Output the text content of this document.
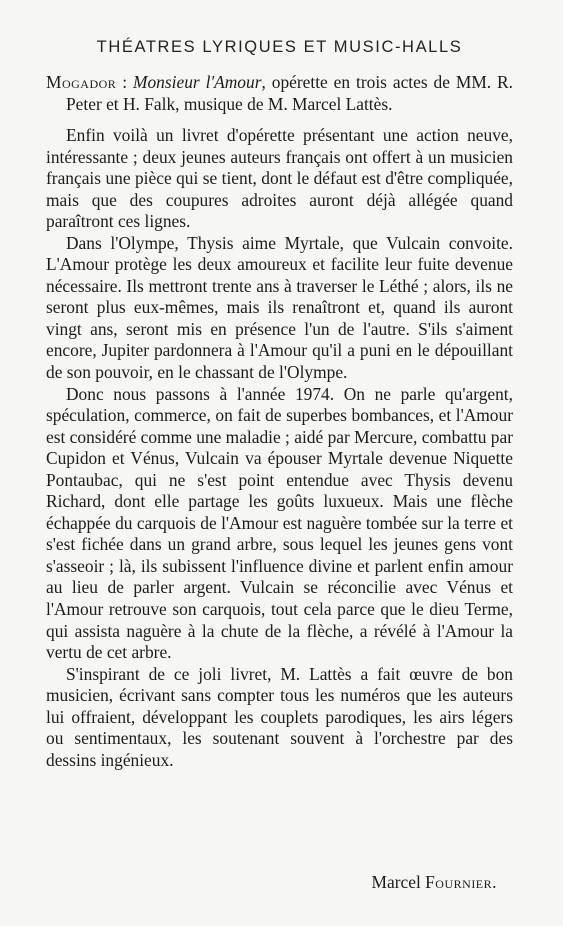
THÉATRES LYRIQUES ET MUSIC-HALLS

Mogador : Monsieur l'Amour, opérette en trois actes de MM. R. Peter et H. Falk, musique de M. Marcel Lattès.

Enfin voilà un livret d'opérette présentant une action neuve, intéressante ; deux jeunes auteurs français ont offert à un musicien français une pièce qui se tient, dont le défaut est d'être compliquée, mais que des coupures adroites auront déjà allégée quand paraîtront ces lignes.

Dans l'Olympe, Thysis aime Myrtale, que Vulcain convoite. L'Amour protège les deux amoureux et facilite leur fuite devenue nécessaire. Ils mettront trente ans à traverser le Léthé ; alors, ils ne seront plus eux-mêmes, mais ils renaîtront et, quand ils auront vingt ans, seront mis en présence l'un de l'autre. S'ils s'aiment encore, Jupiter pardonnera à l'Amour qu'il a puni en le dépouillant de son pouvoir, en le chassant de l'Olympe.

Donc nous passons à l'année 1974. On ne parle qu'argent, spéculation, commerce, on fait de superbes bombances, et l'Amour est considéré comme une maladie ; aidé par Mercure, combattu par Cupidon et Vénus, Vulcain va épouser Myrtale devenue Niquette Pontaubac, qui ne s'est point entendue avec Thysis devenu Richard, dont elle partage les goûts luxueux. Mais une flèche échappée du carquois de l'Amour est naguère tombée sur la terre et s'est fichée dans un grand arbre, sous lequel les jeunes gens vont s'asseoir ; là, ils subissent l'influence divine et parlent enfin amour au lieu de parler argent. Vulcain se réconcilie avec Vénus et l'Amour retrouve son carquois, tout cela parce que le dieu Terme, qui assista naguère à la chute de la flèche, a révélé à l'Amour la vertu de cet arbre.

S'inspirant de ce joli livret, M. Lattès a fait œuvre de bon musicien, écrivant sans compter tous les numéros que les auteurs lui offraient, développant les couplets parodiques, les airs légers ou sentimentaux, les soutenant souvent à l'orchestre par des dessins ingénieux.

Marcel Fournier.
